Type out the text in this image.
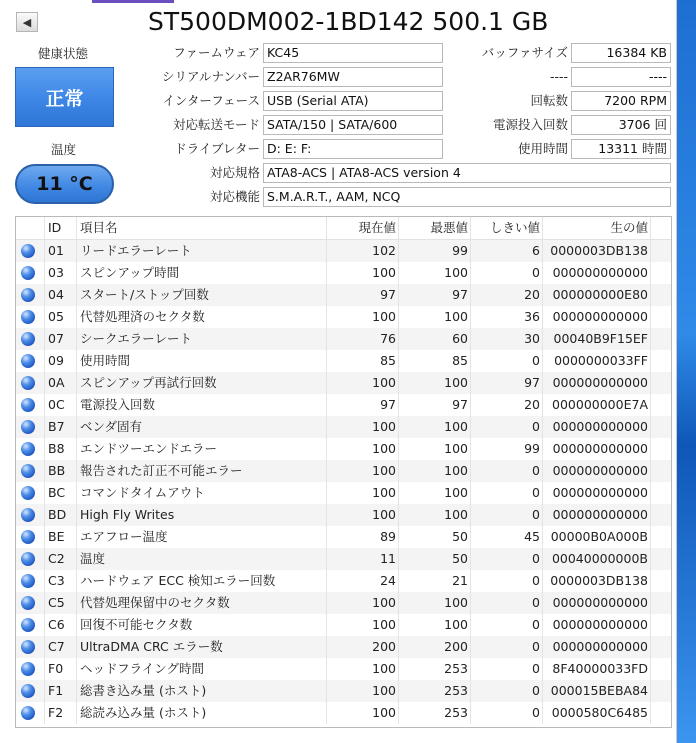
◀	ST500DM002-1BD142 500.1 GB
健康状態
正常
温度
11 °C
ファームウェア KC45
シリアルナンバー Z2AR76MW
インターフェース USB (Serial ATA)
対応転送モード SATA/150 | SATA/600
ドライブレター D: E: F:
対応規格 ATA8-ACS | ATA8-ACS version 4
対応機能 S.M.A.R.T., AAM, NCQ
バッファサイズ	16384 KB
----	----
回転数	7200 RPM
電源投入回数	3706 回
使用時間	13311 時間
ID	項目名	現在値	最悪値	しきい値	生の値
01	リードエラーレート	102	99	6 0000003DB138
03	スピンアップ時間	100	100	0	000000000000
04	スタート/ストップ回数	97	97	20	000000000E80
05	代替処理済のセクタ数	100	100	36	000000000000
07	シークエラーレート	76	60	30	00040B9F15EF
09	使用時間	85	85	0	0000000033FF
0A	スピンアップ再試行回数	100	100	97	000000000000
0C	電源投入回数	97	97	20 000000000E7A
B7	ベンダ固有	100	100	0	000000000000
B8	エンドツーエンドエラー	100	100	99	000000000000
BB	報告された訂正不可能エラー	100	100	0	000000000000
BC	コマンドタイムアウト	100	100	0	000000000000
BD	High Fly Writes	100	100	0	000000000000
BE	エアフロー温度	89	50	45 00000B0A000B
C2	温度	11	50	0 00040000000B
C3	ハードウェア ECC 検知エラー回数	24	21	0 0000003DB138
C5	代替処理保留中のセクタ数	100	100	0	000000000000
C6	回復不可能セクタ数	100	100	0	000000000000
C7	UltraDMA CRC エラー数	200	200	0	000000000000
F0	ヘッドフライング時間	100	253	0 8F40000033FD
F1	総書き込み量 (ホスト)	100	253	0 000015BEBA84
F2	総読み込み量 (ホスト)	100	253	0 0000580C6485
